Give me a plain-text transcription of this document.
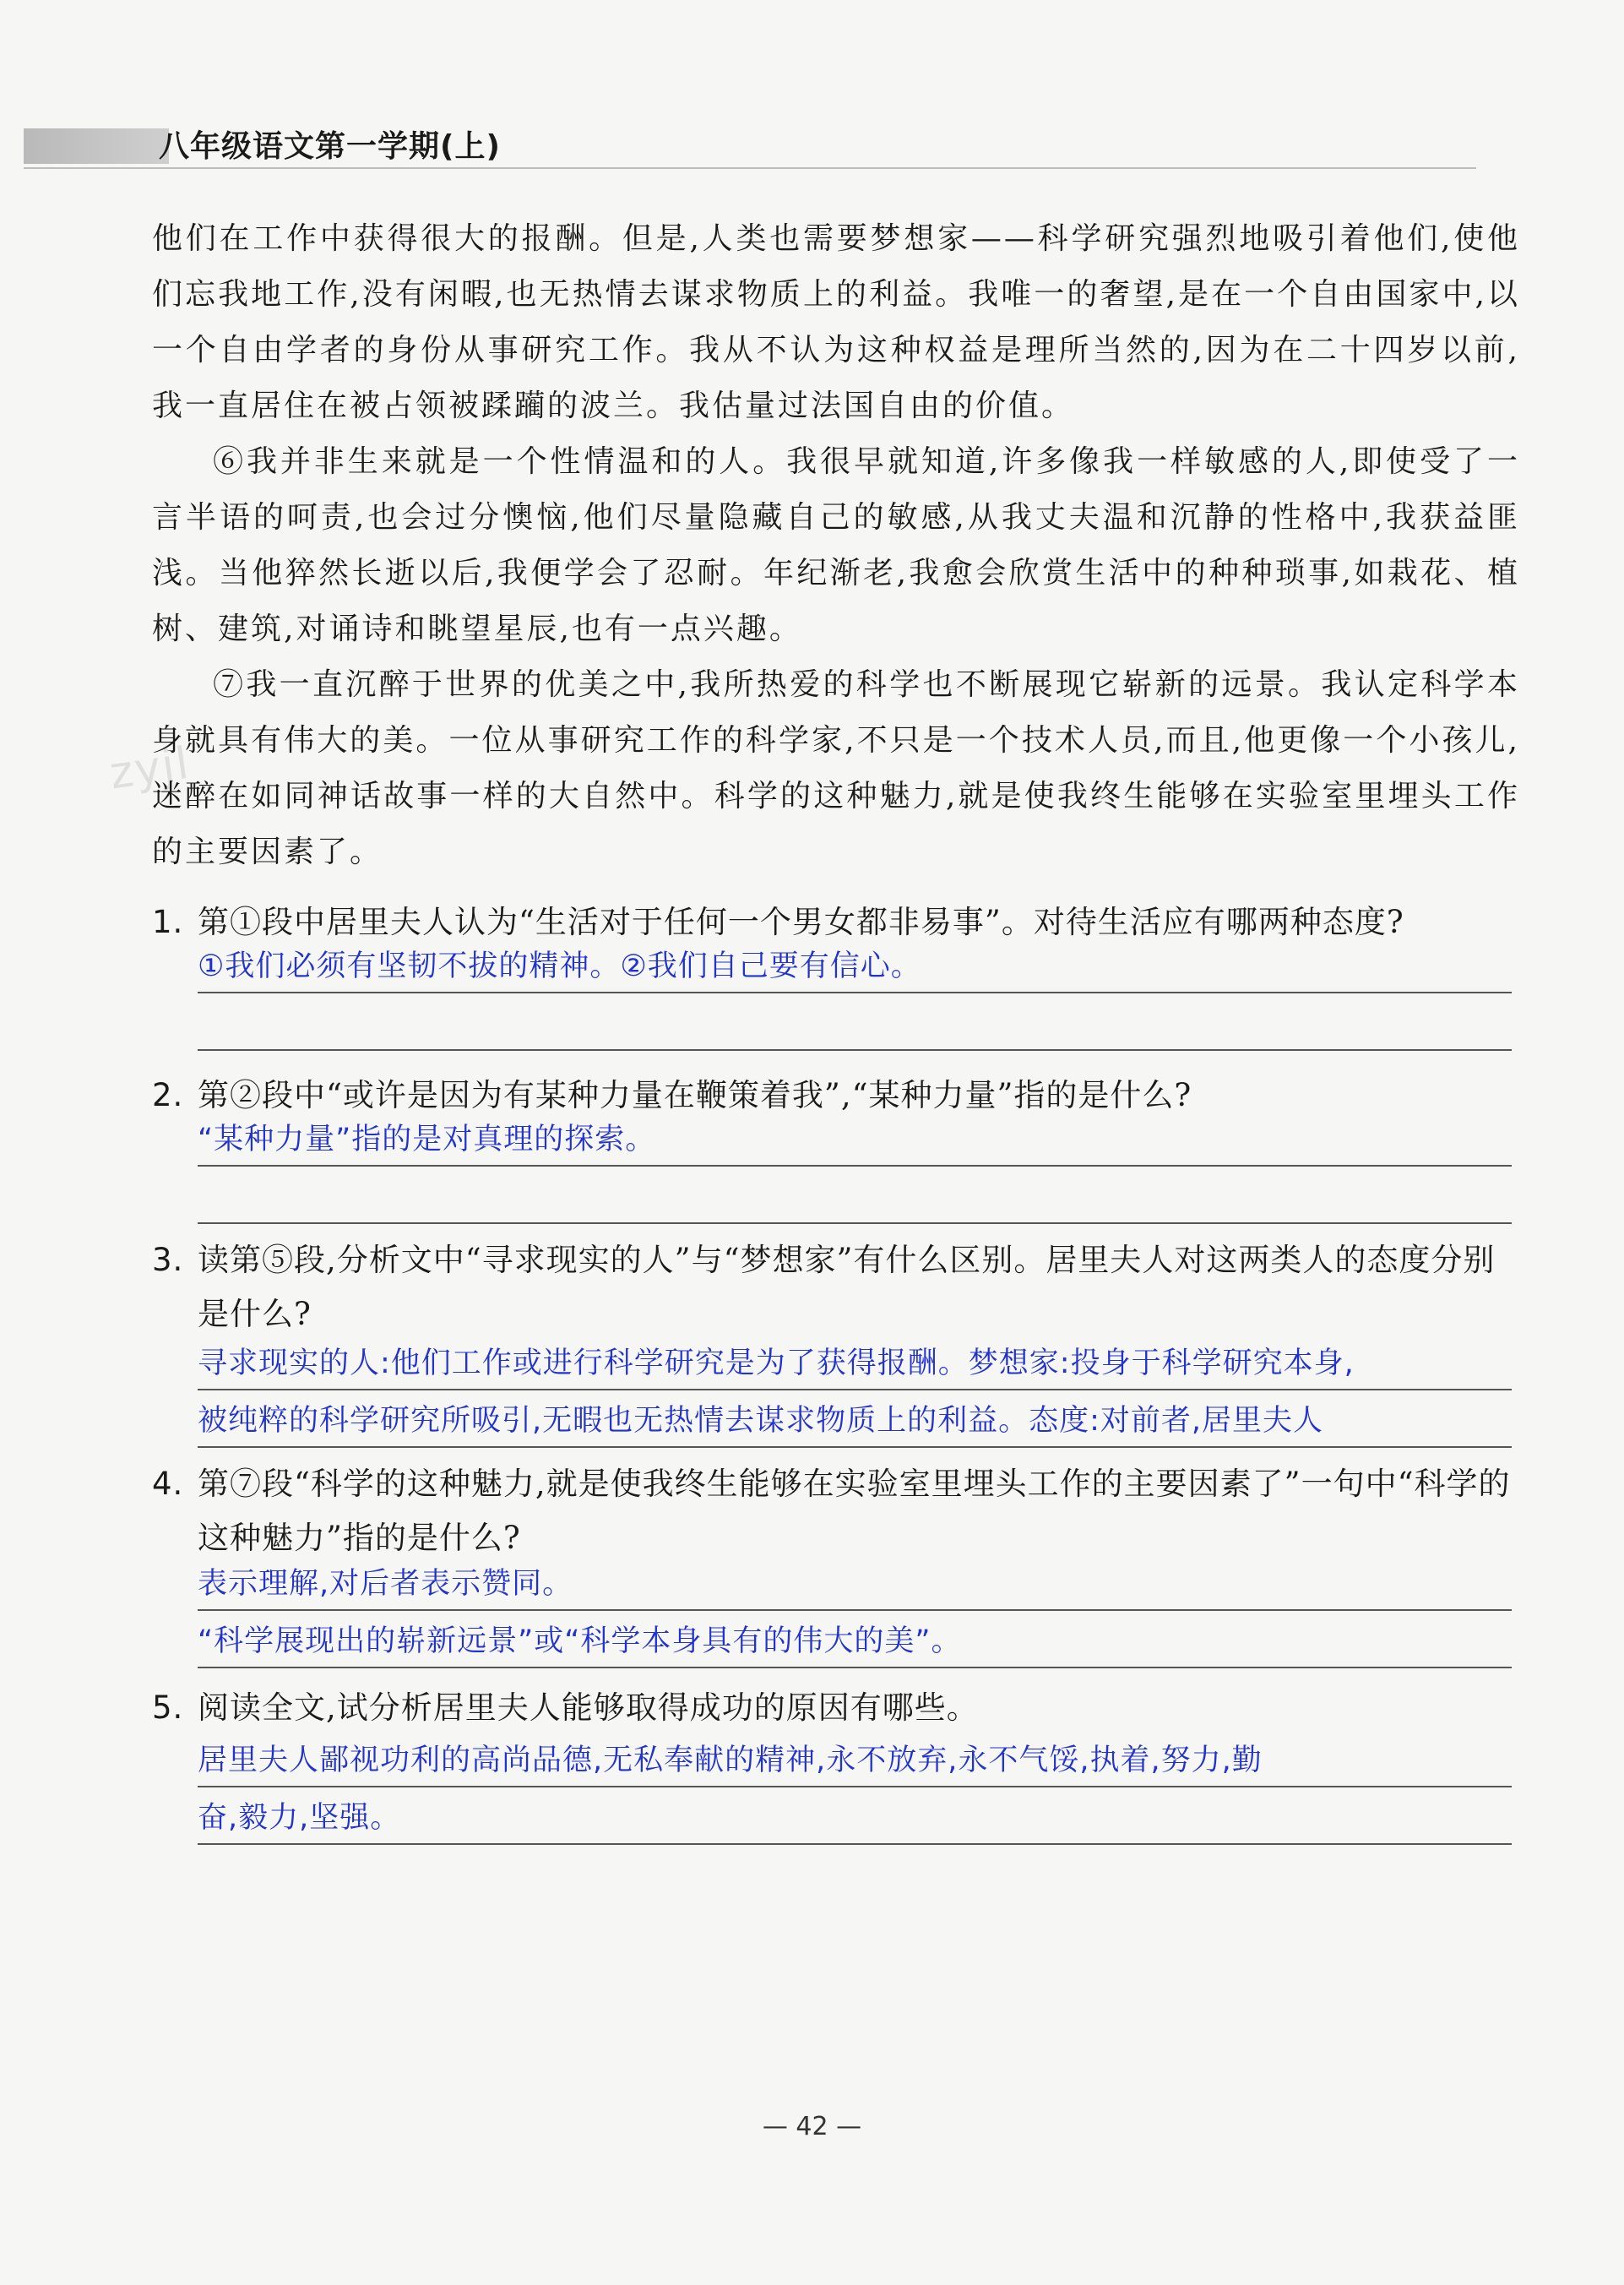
八年级语文第一学期(上)
zyjl

他们在工作中获得很大的报酬。但是,人类也需要梦想家——科学研究强烈地吸引着他们,使他们忘我地工作,没有闲暇,也无热情去谋求物质上的利益。我唯一的奢望,是在一个自由国家中,以一个自由学者的身份从事研究工作。我从不认为这种权益是理所当然的,因为在二十四岁以前,我一直居住在被占领被蹂躏的波兰。我估量过法国自由的价值。

⑥我并非生来就是一个性情温和的人。我很早就知道,许多像我一样敏感的人,即使受了一言半语的呵责,也会过分懊恼,他们尽量隐藏自己的敏感,从我丈夫温和沉静的性格中,我获益匪浅。当他猝然长逝以后,我便学会了忍耐。年纪渐老,我愈会欣赏生活中的种种琐事,如栽花、植树、建筑,对诵诗和眺望星辰,也有一点兴趣。

⑦我一直沉醉于世界的优美之中,我所热爱的科学也不断展现它崭新的远景。我认定科学本身就具有伟大的美。一位从事研究工作的科学家,不只是一个技术人员,而且,他更像一个小孩儿,迷醉在如同神话故事一样的大自然中。科学的这种魅力,就是使我终生能够在实验室里埋头工作的主要因素了。

1. 第①段中居里夫人认为“生活对于任何一个男女都非易事”。对待生活应有哪两种态度?

①我们必须有坚韧不拔的精神。②我们自己要有信心。

2. 第②段中“或许是因为有某种力量在鞭策着我”,“某种力量”指的是什么?

“某种力量”指的是对真理的探索。

3. 读第⑤段,分析文中“寻求现实的人”与“梦想家”有什么区别。居里夫人对这两类人的态度分别是什么?

寻求现实的人:他们工作或进行科学研究是为了获得报酬。梦想家:投身于科学研究本身,
被纯粹的科学研究所吸引,无暇也无热情去谋求物质上的利益。态度:对前者,居里夫人

4. 第⑦段“科学的这种魅力,就是使我终生能够在实验室里埋头工作的主要因素了”一句中“科学的这种魅力”指的是什么?

表示理解,对后者表示赞同。
“科学展现出的崭新远景”或“科学本身具有的伟大的美”。

5. 阅读全文,试分析居里夫人能够取得成功的原因有哪些。

居里夫人鄙视功利的高尚品德,无私奉献的精神,永不放弃,永不气馁,执着,努力,勤
奋,毅力,坚强。
— 42 —
